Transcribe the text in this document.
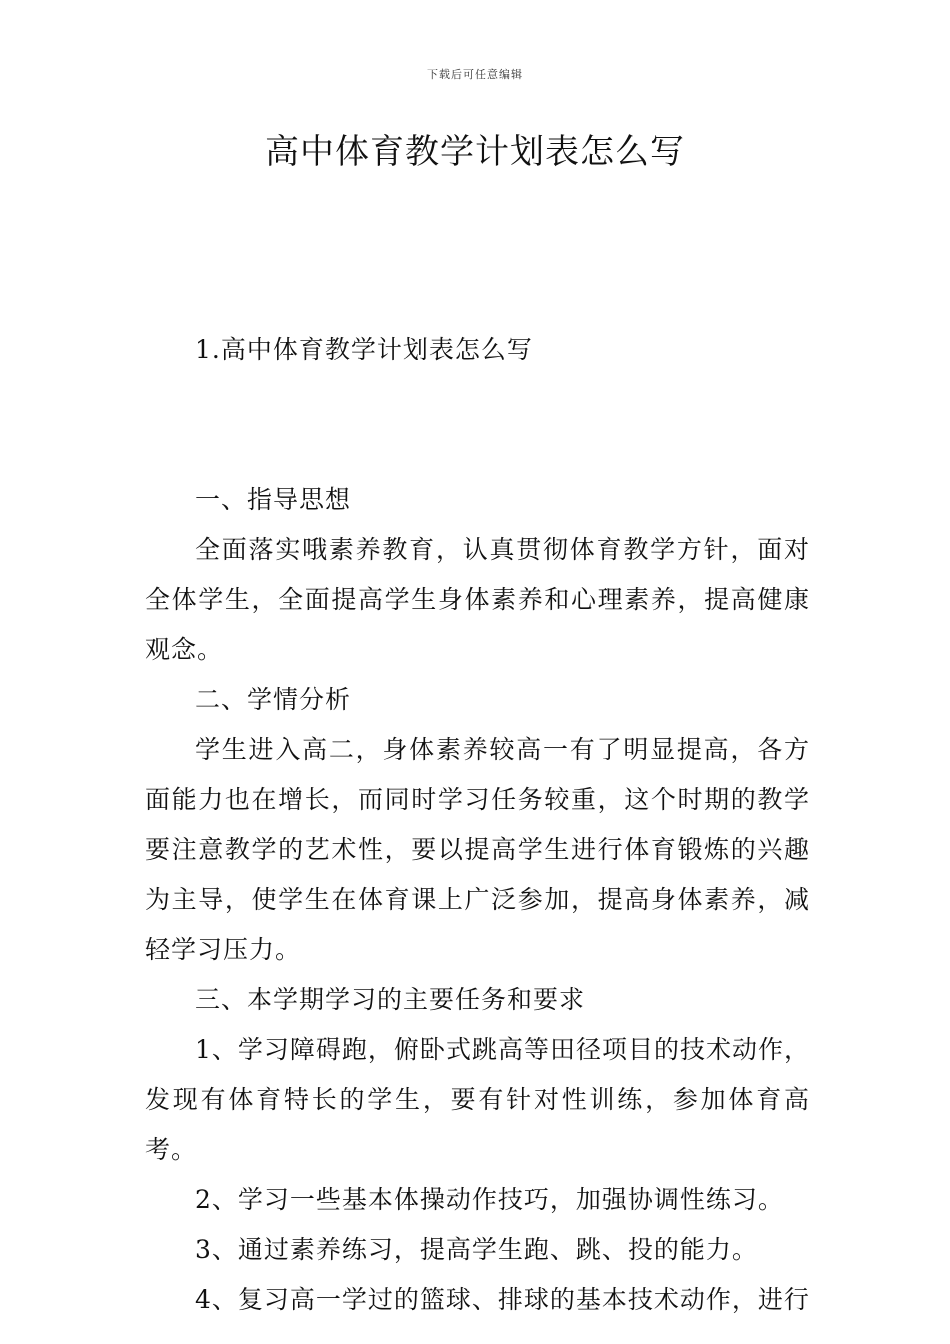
下载后可任意编辑
高中体育教学计划表怎么写

1.高中体育教学计划表怎么写

一、指导思想

全面落实哦素养教育，认真贯彻体育教学方针，面对全体学生，全面提高学生身体素养和心理素养，提高健康观念。

二、学情分析

学生进入高二，身体素养较高一有了明显提高，各方面能力也在增长，而同时学习任务较重，这个时期的教学要注意教学的艺术性，要以提高学生进行体育锻炼的兴趣为主导，使学生在体育课上广泛参加，提高身体素养，减轻学习压力。

三、本学期学习的主要任务和要求

1、学习障碍跑，俯卧式跳高等田径项目的技术动作，发现有体育特长的学生，要有针对性训练，参加体育高考。

2、学习一些基本体操动作技巧，加强协调性练习。

3、通过素养练习，提高学生跑、跳、投的能力。

4、复习高一学过的篮球、排球的基本技术动作，进行
